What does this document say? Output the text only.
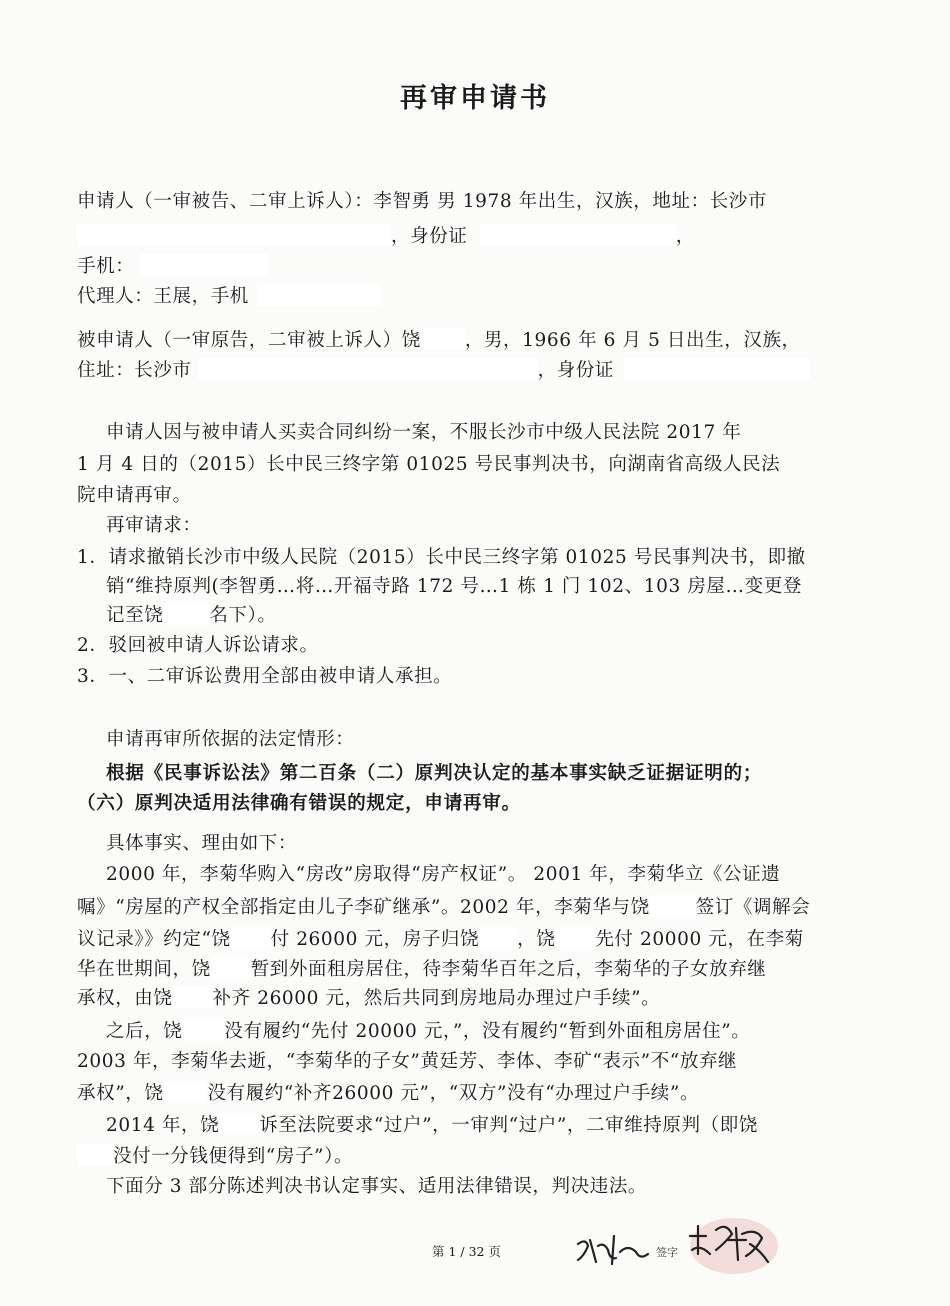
再审申请书
申请人（一审被告、二审上诉人）：李智勇 男 1978 年出生，汉族，地址：长沙市
，身份证	，
手机：
代理人：王展，手机
被申请人（一审原告，二审被上诉人）饶 ，男，1966 年 6 月 5 日出生，汉族，
住址：长沙市	，身份证
申请人因与被申请人买卖合同纠纷一案，不服长沙市中级人民法院 2017 年
1 月 4 日的（2015）长中民三终字第 01025 号民事判决书，向湖南省高级人民法
院申请再审。
再审请求：
1．请求撤销长沙市中级人民院（2015）长中民三终字第 01025 号民事判决书，即撤
销“维持原判(李智勇…将…开福寺路 172 号…1 栋 1 门 102、103 房屋…变更登
记至饶 名下）。
2．驳回被申请人诉讼请求。
3．一、二审诉讼费用全部由被申请人承担。
申请再审所依据的法定情形：
根据《民事诉讼法》第二百条（二）原判决认定的基本事实缺乏证据证明的；
（六）原判决适用法律确有错误的规定，申请再审。
具体事实、理由如下：
2000 年，李菊华购入“房改”房取得“房产权证”。 2001 年，李菊华立《公证遗
嘱》“房屋的产权全部指定由儿子李矿继承”。2002 年，李菊华与饶 签订《调解会
议记录》》约定“饶 付 26000 元，房子归饶 ，饶 先付 20000 元，在李菊
华在世期间，饶 暂到外面租房居住，待李菊华百年之后，李菊华的子女放弃继
承权，由饶 补齐 26000 元，然后共同到房地局办理过户手续”。
之后，饶 没有履约“先付 20000 元，”，没有履约“暂到外面租房居住”。
2003 年，李菊华去逝，“李菊华的子女”黄廷芳、李体、李矿“表示”不“放弃继
承权”，饶 没有履约“补齐26000 元”，“双方”没有“办理过户手续”。
2014 年，饶 诉至法院要求“过户”，一审判“过户”，二审维持原判（即饶
没付一分钱便得到“房子”）。
下面分 3 部分陈述判决书认定事实、适用法律错误，判决违法。
第 1 / 32 页	签字
